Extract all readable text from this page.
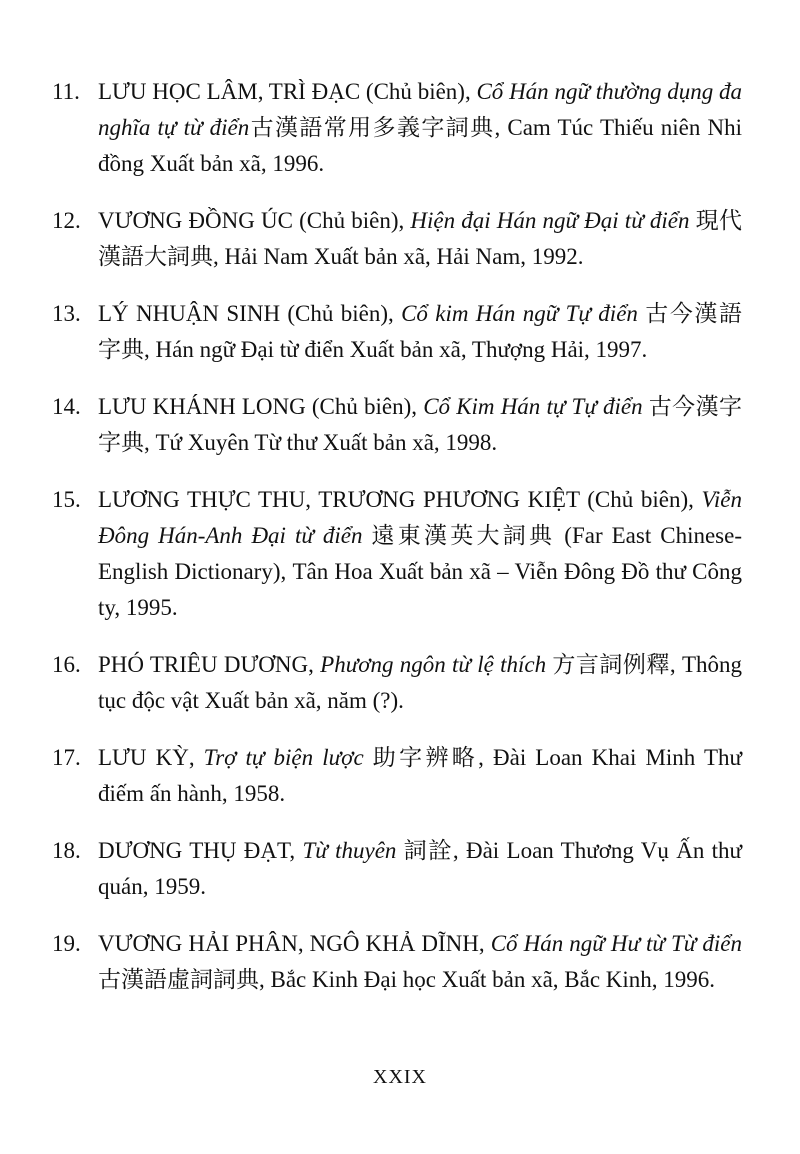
11. LƯU HỌC LÂM, TRÌ ĐẠC (Chủ biên), Cổ Hán ngữ thường dụng đa nghĩa tự từ điển古漢語常用多義字詞典, Cam Túc Thiếu niên Nhi đồng Xuất bản xã, 1996.
12. VƯƠNG ĐỒNG ÚC (Chủ biên), Hiện đại Hán ngữ Đại từ điển 現代漢語大詞典, Hải Nam Xuất bản xã, Hải Nam, 1992.
13. LÝ NHUẬN SINH (Chủ biên), Cổ kim Hán ngữ Tự điển 古今漢語字典, Hán ngữ Đại từ điển Xuất bản xã, Thượng Hải, 1997.
14. LƯU KHÁNH LONG (Chủ biên), Cổ Kim Hán tự Tự điển 古今漢字字典, Tứ Xuyên Từ thư Xuất bản xã, 1998.
15. LƯƠNG THỰC THU, TRƯƠNG PHƯƠNG KIỆT (Chủ biên), Viễn Đông Hán-Anh Đại từ điển 遠東漢英大詞典 (Far East Chinese-English Dictionary), Tân Hoa Xuất bản xã – Viễn Đông Đồ thư Công ty, 1995.
16. PHÓ TRIÊU DƯƠNG, Phương ngôn từ lệ thích 方言詞例釋, Thông tục độc vật Xuất bản xã, năm (?).
17. LƯU KỲ, Trợ tự biện lược 助字辨略, Đài Loan Khai Minh Thư điếm ấn hành, 1958.
18. DƯƠNG THỤ ĐẠT, Từ thuyên 詞詮, Đài Loan Thương Vụ Ấn thư quán, 1959.
19. VƯƠNG HẢI PHÂN, NGÔ KHẢ DĨNH, Cổ Hán ngữ Hư từ Từ điển 古漢語虛詞詞典, Bắc Kinh Đại học Xuất bản xã, Bắc Kinh, 1996.
XXIX
